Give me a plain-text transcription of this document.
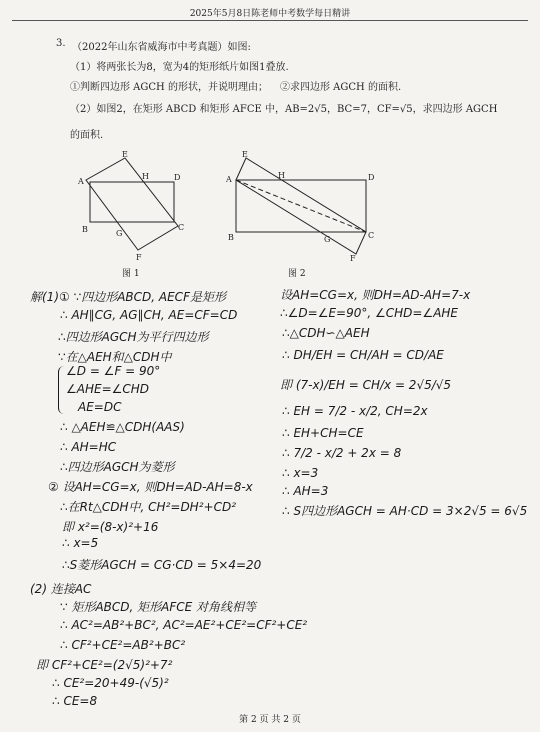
2025年5月8日陈老师中考数学每日精讲
3. （2022年山东省威海市中考真题）如图:
（1）将两张长为8，宽为4的矩形纸片如图1叠放.
①判断四边形 AGCH 的形状，并说明理由； ②求四边形 AGCH 的面积.
（2）如图2，在矩形 ABCD 和矩形 AFCE 中，AB=2√5，BC=7，CF=√5，求四边形 AGCH
的面积.
E
H	D
A
C
B	G
F
图 1
E
D
H
A
B	G	C
F
图 2
解(1)① ∵四边形ABCD, AECF是矩形
∴ AH∥CG, AG∥CH, AE=CF=CD
∴四边形AGCH为平行四边形
∵在△AEH和△CDH中
∠D = ∠F = 90°
∠AHE=∠CHD
AE=DC
∴ △AEH≌△CDH(AAS)
∴ AH=HC
∴四边形AGCH为菱形
② 设AH=CG=x, 则DH=AD-AH=8-x
∴在Rt△CDH中, CH²=DH²+CD²
即 x²=(8-x)²+16
∴ x=5
∴S菱形AGCH = CG·CD = 5×4=20
设AH=CG=x, 则DH=AD-AH=7-x
∴∠D=∠E=90°, ∠CHD=∠AHE
∴△CDH∽△AEH
∴ DH/EH = CH/AH = CD/AE
即 (7-x)/EH = CH/x = 2√5/√5
∴ EH = 7/2 - x/2, CH=2x
∴ EH+CH=CE
∴ 7/2 - x/2 + 2x = 8
∴ x=3
∴ AH=3
∴ S四边形AGCH = AH·CD = 3×2√5 = 6√5
(2) 连接AC
∵ 矩形ABCD, 矩形AFCE 对角线相等
∴ AC²=AB²+BC², AC²=AE²+CE²=CF²+CE²
∴ CF²+CE²=AB²+BC²
即 CF²+CE²=(2√5)²+7²
∴ CE²=20+49-(√5)²
∴ CE=8
第 2 页 共 2 页
